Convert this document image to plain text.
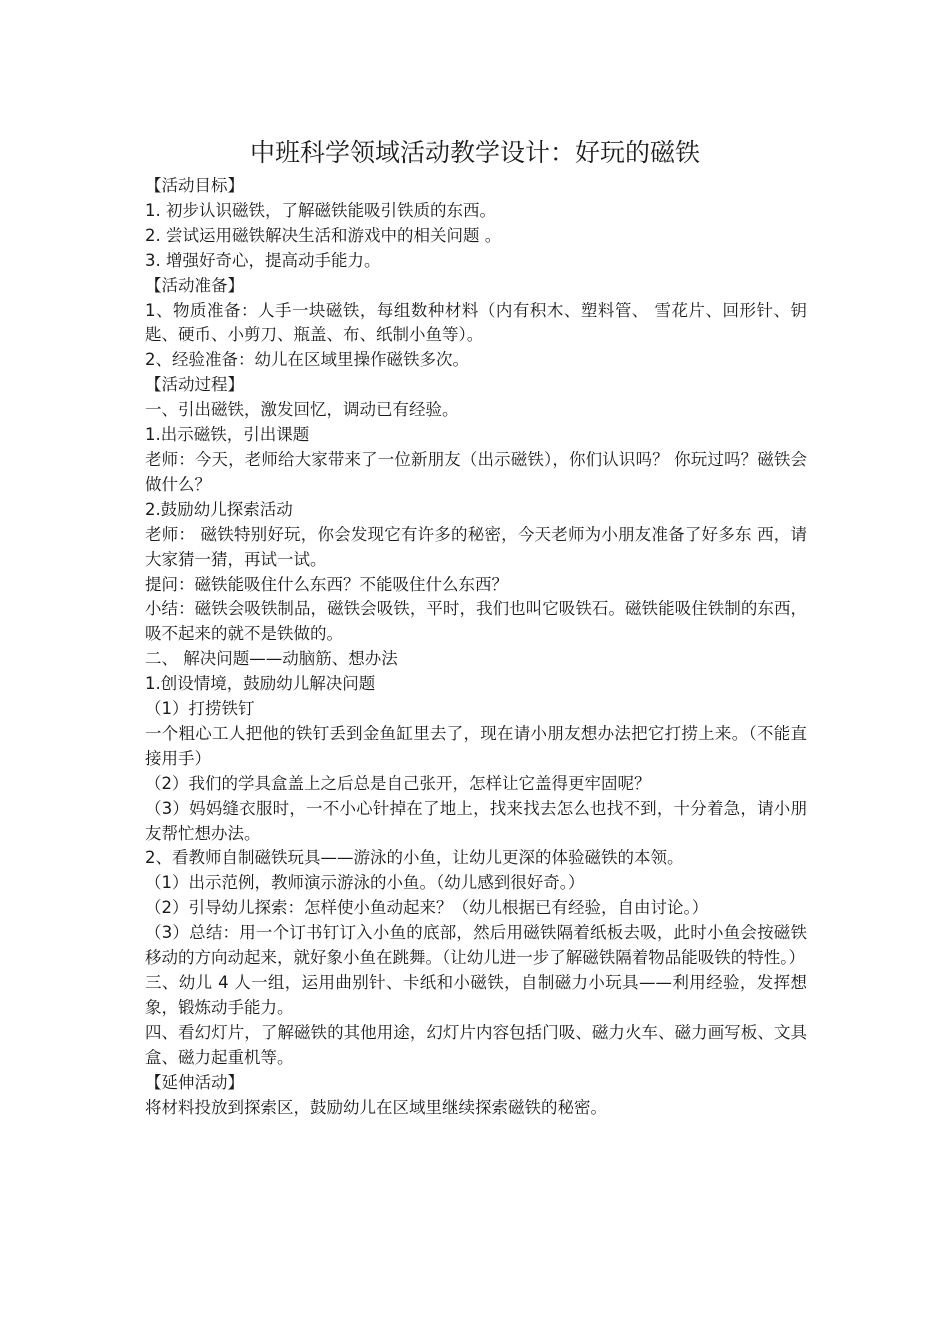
中班科学领域活动教学设计：好玩的磁铁

【活动目标】

1. 初步认识磁铁，了解磁铁能吸引铁质的东西。

2. 尝试运用磁铁解决生活和游戏中的相关问题 。

3. 增强好奇心，提高动手能力。

【活动准备】

1、物质准备：人手一块磁铁，每组数种材料（内有积木、塑料管、 雪花片、回形针、钥匙、硬币、小剪刀、瓶盖、布、纸制小鱼等）。

2、经验准备：幼儿在区域里操作磁铁多次。

【活动过程】

一、引出磁铁，激发回忆，调动已有经验。

1.出示磁铁，引出课题

老师：今天，老师给大家带来了一位新朋友（出示磁铁），你们认识吗？ 你玩过吗？磁铁会做什么？

2.鼓励幼儿探索活动

老师： 磁铁特别好玩，你会发现它有许多的秘密，今天老师为小朋友准备了好多东 西，请大家猜一猜，再试一试。

提问：磁铁能吸住什么东西？不能吸住什么东西？

小结：磁铁会吸铁制品，磁铁会吸铁，平时，我们也叫它吸铁石。磁铁能吸住铁制的东西，吸不起来的就不是铁做的。

二、 解决问题——动脑筋、想办法

1.创设情境，鼓励幼儿解决问题

（1）打捞铁钉

一个粗心工人把他的铁钉丢到金鱼缸里去了，现在请小朋友想办法把它打捞上来。（不能直接用手）

（2）我们的学具盒盖上之后总是自己张开，怎样让它盖得更牢固呢？

（3）妈妈缝衣服时，一不小心针掉在了地上，找来找去怎么也找不到，十分着急，请小朋友帮忙想办法。

2、看教师自制磁铁玩具——游泳的小鱼，让幼儿更深的体验磁铁的本领。

（1）出示范例，教师演示游泳的小鱼。（幼儿感到很好奇。）

（2）引导幼儿探索：怎样使小鱼动起来？（幼儿根据已有经验，自由讨论。）

（3）总结：用一个订书钉订入小鱼的底部，然后用磁铁隔着纸板去吸，此时小鱼会按磁铁移动的方向动起来，就好象小鱼在跳舞。（让幼儿进一步了解磁铁隔着物品能吸铁的特性。）

三、幼儿 4 人一组，运用曲别针、卡纸和小磁铁，自制磁力小玩具——利用经验，发挥想象，锻炼动手能力。

四、看幻灯片，了解磁铁的其他用途，幻灯片内容包括门吸、磁力火车、磁力画写板、文具盒、磁力起重机等。

【延伸活动】

将材料投放到探索区，鼓励幼儿在区域里继续探索磁铁的秘密。
